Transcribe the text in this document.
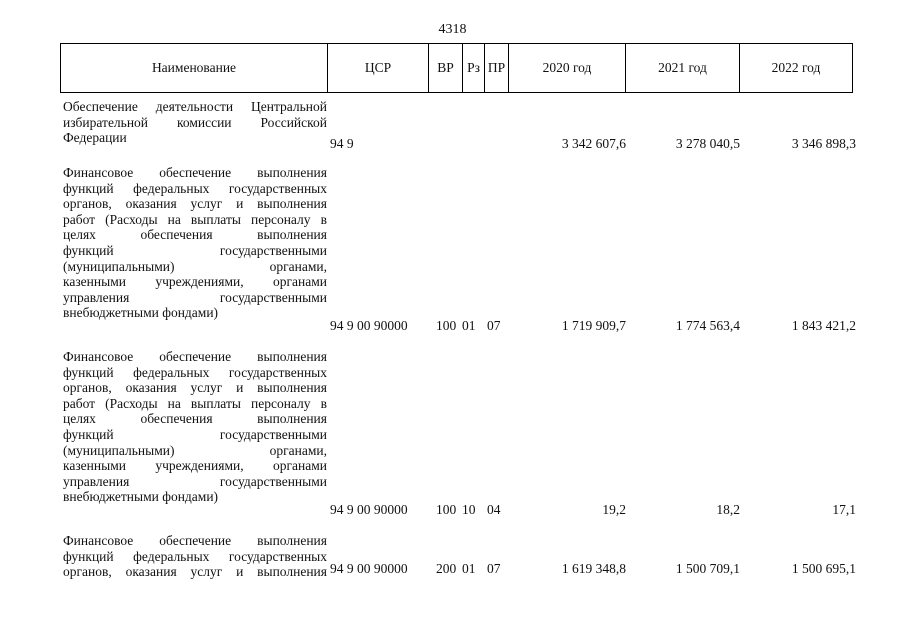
4318
Наименование	ЦСР	ВР Рз ПР	2020 год	2021 год	2022 год
Обеспечение деятельности Центральной
избирательной комиссии Российской
Федерации	94 9	3 342 607,6	3 278 040,5	3 346 898,3
Финансовое обеспечение выполнения
функций федеральных государственных
органов, оказания услуг и выполнения
работ (Расходы на выплаты персоналу в
целях обеспечения выполнения
функций государственными
(муниципальными) органами,
казенными учреждениями, органами
управления государственными
внебюджетными фондами)
94 9 00 90000 100 01 07	1 719 909,7	1 774 563,4	1 843 421,2
Финансовое обеспечение выполнения
функций федеральных государственных
органов, оказания услуг и выполнения
работ (Расходы на выплаты персоналу в
целях обеспечения выполнения
функций государственными
(муниципальными) органами,
казенными учреждениями, органами
управления государственными
внебюджетными фондами)
94 9 00 90000 100 10 04	19,2	18,2	17,1
Финансовое обеспечение выполнения
функций федеральных государственных
органов, оказания услуг и выполнения 94 9 00 90000 200 01 07	1 619 348,8	1 500 709,1	1 500 695,1
